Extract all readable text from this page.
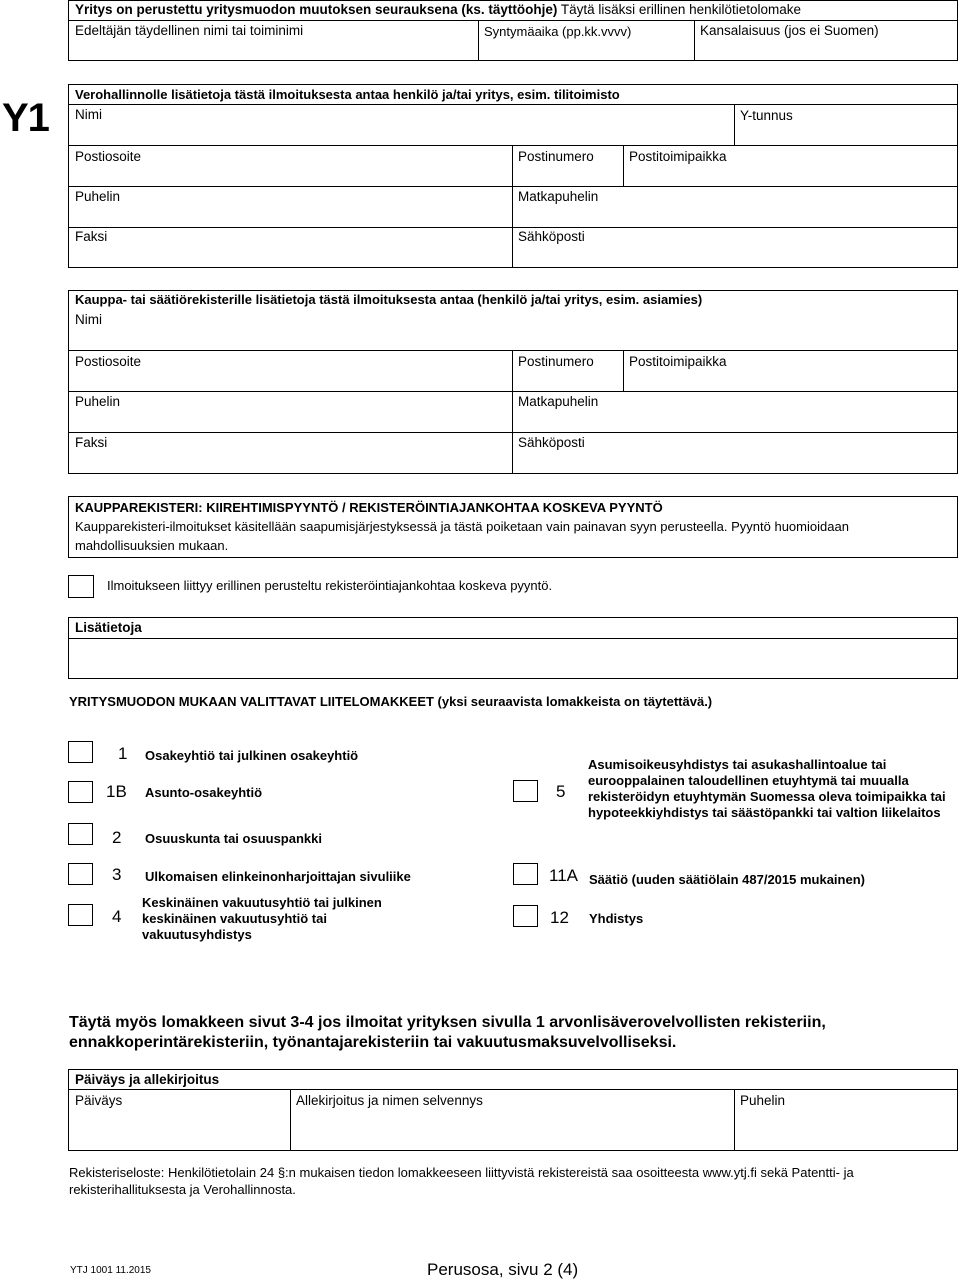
Yritys on perustettu yritysmuodon muutoksen seurauksena (ks. täyttöohje) Täytä lisäksi erillinen henkilötietolomake
Edeltäjän täydellinen nimi tai toiminimi	Syntymäaika (pp.kk.vvvv)	Kansalaisuus (jos ei Suomen)
Y1
Verohallinnolle lisätietoja tästä ilmoituksesta antaa henkilö ja/tai yritys, esim. tilitoimisto
Nimi	Y-tunnus
Postiosoite	Postinumero	Postitoimipaikka
Puhelin	Matkapuhelin
Faksi	Sähköposti
Kauppa- tai säätiörekisterille lisätietoja tästä ilmoituksesta antaa (henkilö ja/tai yritys, esim. asiamies)
Nimi
Postiosoite	Postinumero	Postitoimipaikka
Puhelin	Matkapuhelin
Faksi	Sähköposti
KAUPPAREKISTERI: KIIREHTIMISPYYNTÖ / REKISTERÖINTIAJANKOHTAA KOSKEVA PYYNTÖ
Kaupparekisteri-ilmoitukset käsitellään saapumisjärjestyksessä ja tästä poiketaan vain painavan syyn perusteella. Pyyntö huomioidaan mahdollisuuksien mukaan.
Ilmoitukseen liittyy erillinen perusteltu rekisteröintiajankohtaa koskeva pyyntö.
Lisätietoja
YRITYSMUODON MUKAAN VALITTAVAT LIITELOMAKKEET (yksi seuraavista lomakkeista on täytettävä.)
1 Osakeyhtiö tai julkinen osakeyhtiö
1B Asunto-osakeyhtiö
2 Osuuskunta tai osuuspankki
3 Ulkomaisen elinkeinonharjoittajan sivuliike
4
Keskinäinen vakuutusyhtiö tai julkinen keskinäinen vakuutusyhtiö tai vakuutusyhdistys
5
Asumisoikeusyhdistys tai asukashallintoalue tai eurooppalainen taloudellinen etuyhtymä tai muualla rekisteröidyn etuyhtymän Suomessa oleva toimipaikka tai hypoteekkiyhdistys tai säästöpankki tai valtion liikelaitos
11A Säätiö (uuden säätiölain 487/2015 mukainen)
12 Yhdistys
Täytä myös lomakkeen sivut 3-4 jos ilmoitat yrityksen sivulla 1 arvonlisäverovelvollisten rekisteriin, ennakkoperintärekisteriin, työnantajarekisteriin tai vakuutusmaksuvelvolliseksi.
Päiväys ja allekirjoitus
Päiväys	Allekirjoitus ja nimen selvennys	Puhelin
Rekisteriseloste: Henkilötietolain 24 §:n mukaisen tiedon lomakkeeseen liittyvistä rekistereistä saa osoitteesta www.ytj.fi sekä Patentti- ja rekisterihallituksesta ja Verohallinnosta.
YTJ 1001 11.2015	Perusosa, sivu 2 (4)
